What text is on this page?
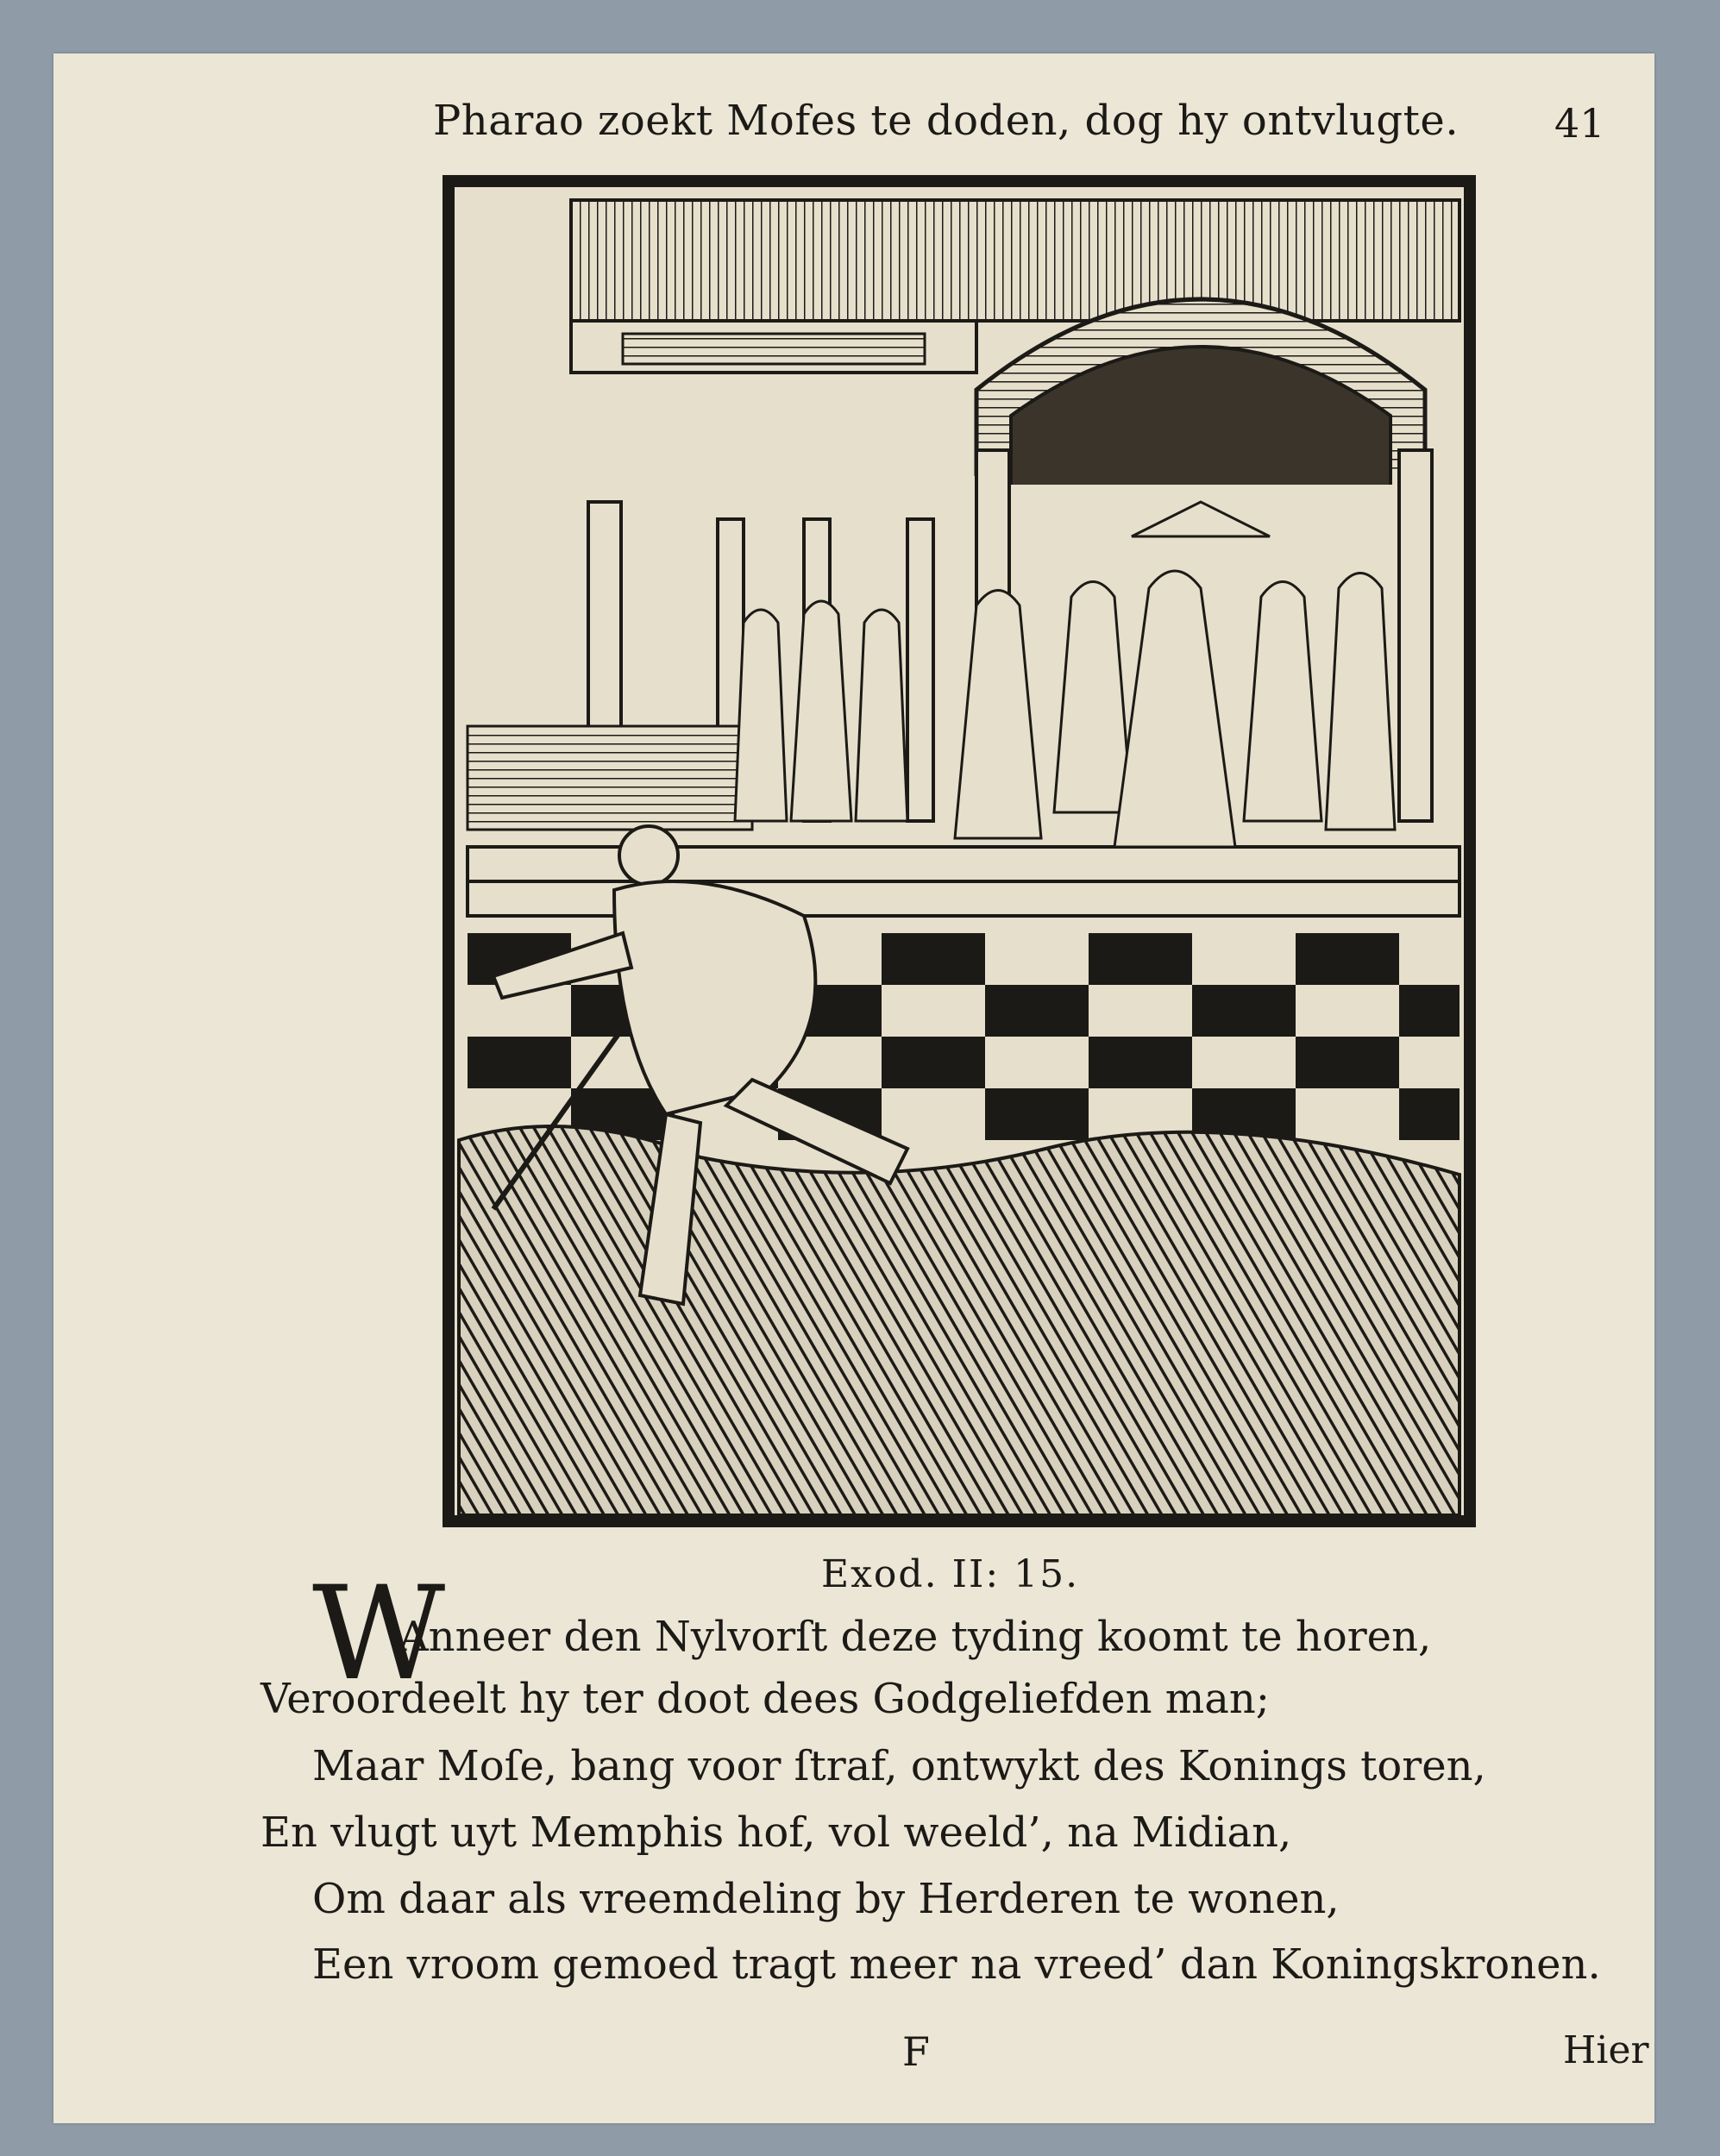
Pharao zoekt Mofes te doden, dog hy ontvlugte. 41
Exod. II: 15.
W
Anneer den Nylvorſt deze tyding koomt te horen,
Veroordeelt hy ter doot dees Godgeliefden man;
Maar Moſe, bang voor ſtraf, ontwykt des Konings toren,
En vlugt uyt Memphis hof, vol weeld’, na Midian,
Om daar als vreemdeling by Herderen te wonen,
Een vroom gemoed tragt meer na vreed’ dan Koningskronen.
F	Hier
